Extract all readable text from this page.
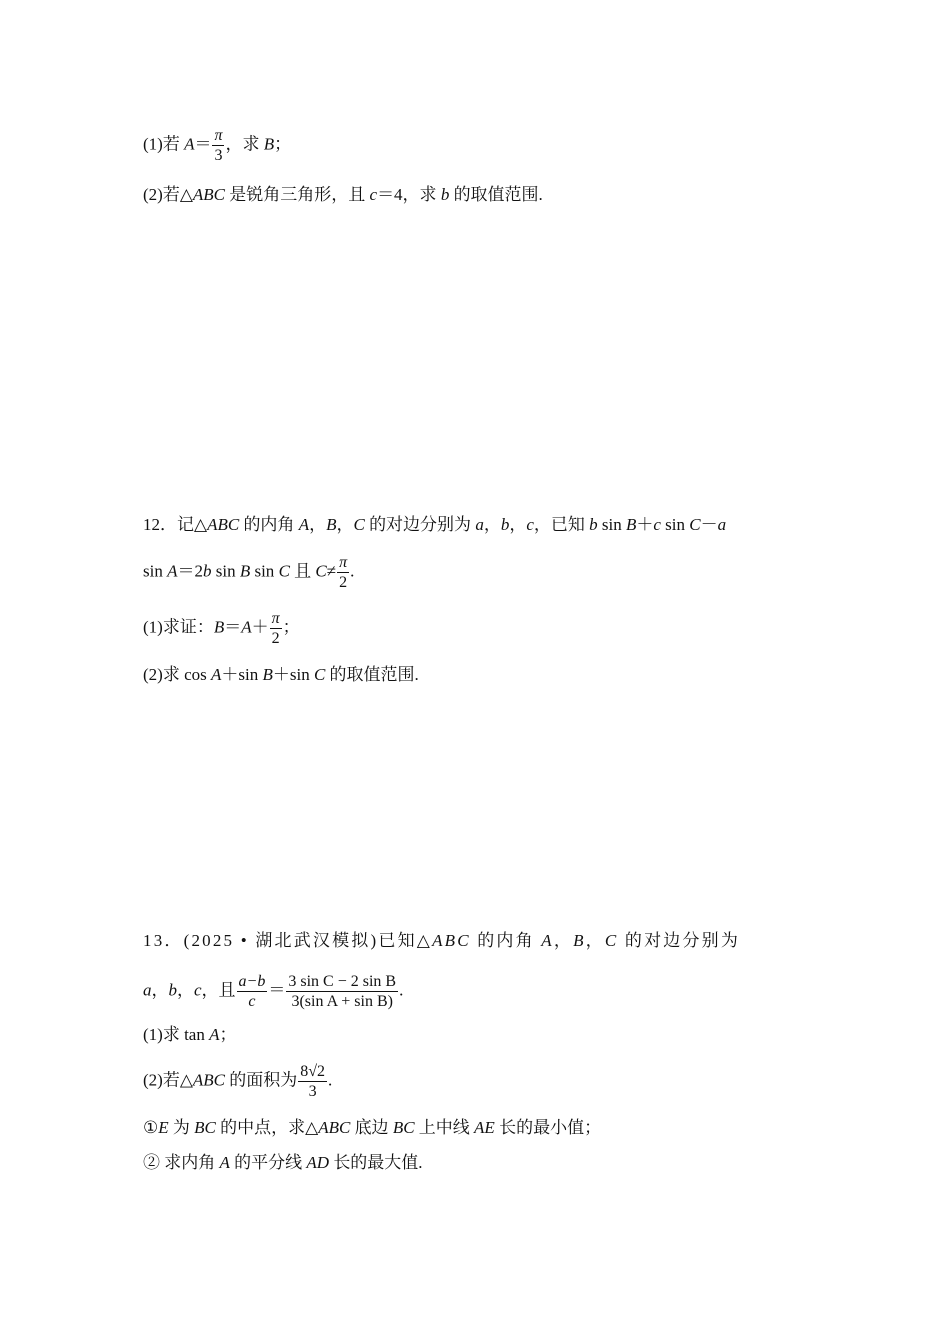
(1)若 $A= \frac{\pi}{3}$ ，求 B；
(2)若△ABC 是锐角三角形，且 c＝4，求 b 的取值范围.
12．记△ABC 的内角 A，B，C 的对边分别为 a，b，c，已知 b sin B＋c sin C－a
sin A＝2b sin B sin C 且 $C\ne \frac{\pi}{2}$ .
(1)求证：$B=A+ \frac{\pi}{2}$ ；
(2)求 cos A＋sin B＋sin C 的取值范围.
13．(2025 • 湖北武汉模拟)已知△ABC 的内角 A，B，C 的对边分别为
a，b，c，且 $\frac{a-b}{c} = \frac{\text{3 sin C − 2 sin B}}{\text{3(sin A + sin B)}}$ .
(1)求 tan A；
(2)若△ABC 的面积为 $\frac{8√2}{3}$ .
①E 为 BC 的中点，求△ABC 底边 BC 上中线 AE 长的最小值；
② 求内角 A 的平分线 AD 长的最大值.
